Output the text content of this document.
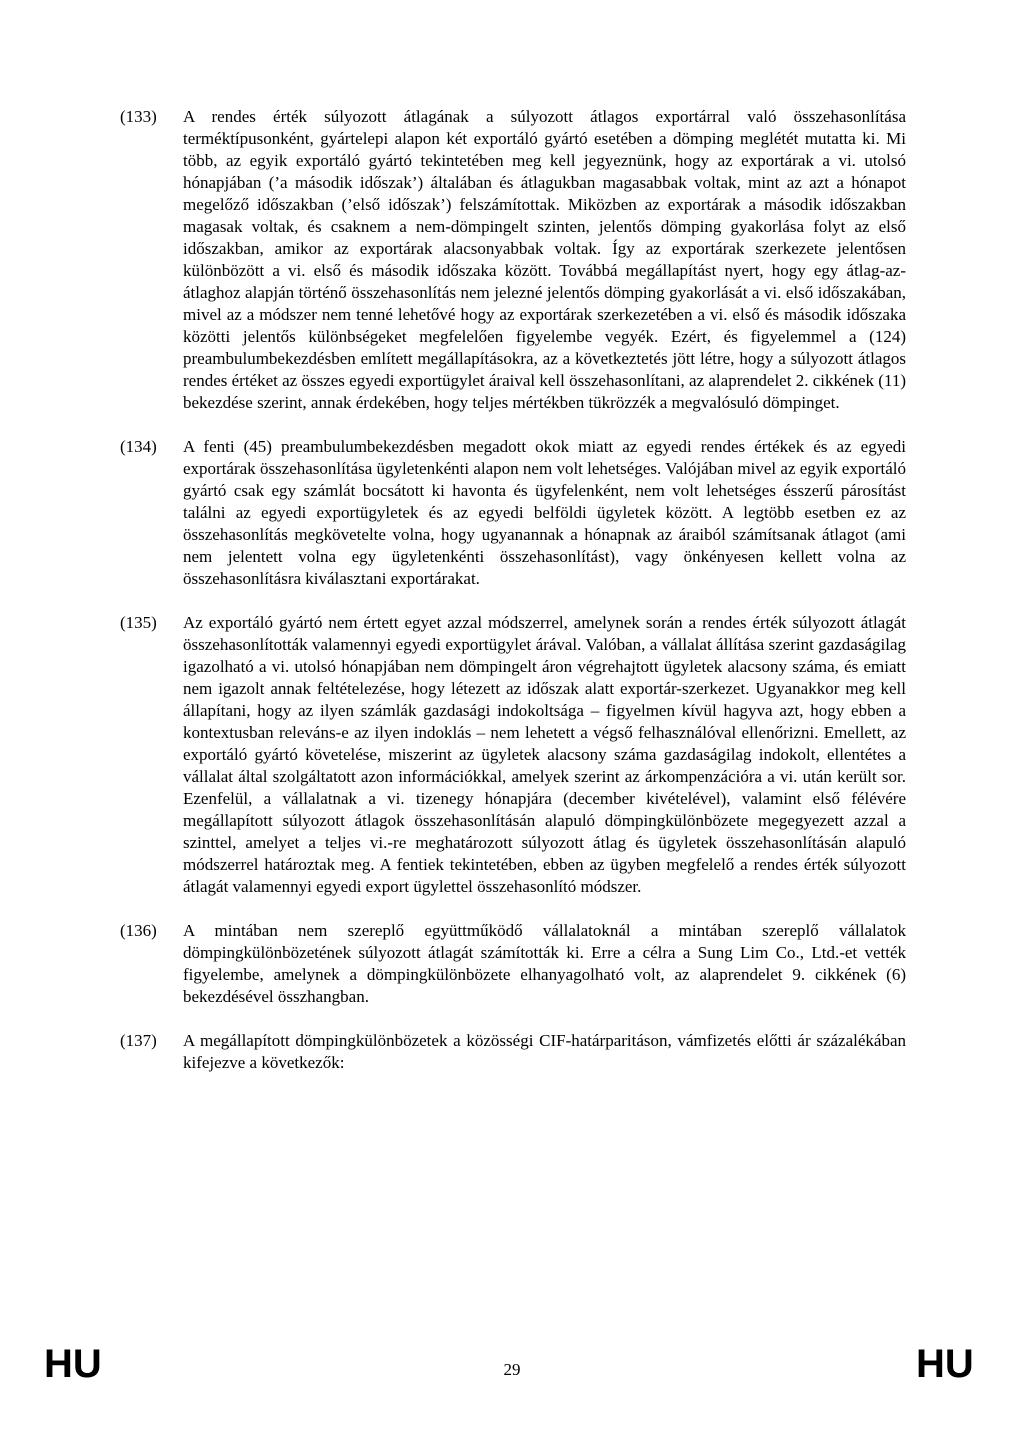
(133)	A rendes érték súlyozott átlagának a súlyozott átlagos exportárral való összehasonlítása terméktípusonként, gyártelepi alapon két exportáló gyártó esetében a dömping meglétét mutatta ki. Mi több, az egyik exportáló gyártó tekintetében meg kell jegyeznünk, hogy az exportárak a vi. utolsó hónapjában (’a második időszak’) általában és átlagukban magasabbak voltak, mint az azt a hónapot megelőző időszakban (’első időszak’) felszámítottak. Miközben az exportárak a második időszakban magasak voltak, és csaknem a nem-dömpingelt szinten, jelentős dömping gyakorlása folyt az első időszakban, amikor az exportárak alacsonyabbak voltak. Így az exportárak szerkezete jelentősen különbözött a vi. első és második időszaka között. Továbbá megállapítást nyert, hogy egy átlag-az-átlaghoz alapján történő összehasonlítás nem jelezné jelentős dömping gyakorlását a vi. első időszakában, mivel az a módszer nem tenné lehetővé hogy az exportárak szerkezetében a vi. első és második időszaka közötti jelentős különbségeket megfelelően figyelembe vegyék. Ezért, és figyelemmel a (124) preambulumbekezdésben említett megállapításokra, az a következtetés jött létre, hogy a súlyozott átlagos rendes értéket az összes egyedi exportügylet áraival kell összehasonlítani, az alaprendelet 2. cikkének (11) bekezdése szerint, annak érdekében, hogy teljes mértékben tükrözzék a megvalósuló dömpinget.
(134)	A fenti (45) preambulumbekezdésben megadott okok miatt az egyedi rendes értékek és az egyedi exportárak összehasonlítása ügyletenkénti alapon nem volt lehetséges. Valójában mivel az egyik exportáló gyártó csak egy számlát bocsátott ki havonta és ügyfelenként, nem volt lehetséges ésszerű párosítást találni az egyedi exportügyletek és az egyedi belföldi ügyletek között. A legtöbb esetben ez az összehasonlítás megkövetelte volna, hogy ugyanannak a hónapnak az áraiból számítsanak átlagot (ami nem jelentett volna egy ügyletenkénti összehasonlítást), vagy önkényesen kellett volna az összehasonlításra kiválasztani exportárakat.
(135)	Az exportáló gyártó nem értett egyet azzal módszerrel, amelynek során a rendes érték súlyozott átlagát összehasonlították valamennyi egyedi exportügylet árával. Valóban, a vállalat állítása szerint gazdaságilag igazolható a vi. utolsó hónapjában nem dömpingelt áron végrehajtott ügyletek alacsony száma, és emiatt nem igazolt annak feltételezése, hogy létezett az időszak alatt exportár-szerkezet. Ugyanakkor meg kell állapítani, hogy az ilyen számlák gazdasági indokoltsága – figyelmen kívül hagyva azt, hogy ebben a kontextusban releváns-e az ilyen indoklás – nem lehetett a végső felhasználóval ellenőrizni. Emellett, az exportáló gyártó követelése, miszerint az ügyletek alacsony száma gazdaságilag indokolt, ellentétes a vállalat által szolgáltatott azon információkkal, amelyek szerint az árkompenzációra a vi. után került sor. Ezenfelül, a vállalatnak a vi. tizenegy hónapjára (december kivételével), valamint első félévére megállapított súlyozott átlagok összehasonlításán alapuló dömpingkülönbözete megegyezett azzal a szinttel, amelyet a teljes vi.-re meghatározott súlyozott átlag és ügyletek összehasonlításán alapuló módszerrel határoztak meg. A fentiek tekintetében, ebben az ügyben megfelelő a rendes érték súlyozott átlagát valamennyi egyedi export ügylettel összehasonlító módszer.
(136)	A mintában nem szereplő együttműködő vállalatoknál a mintában szereplő vállalatok dömpingkülönbözetének súlyozott átlagát számították ki. Erre a célra a Sung Lim Co., Ltd.-et vették figyelembe, amelynek a dömpingkülönbözete elhanyagolható volt, az alaprendelet 9. cikkének (6) bekezdésével összhangban.
(137)	A megállapított dömpingkülönbözetek a közösségi CIF-határparitáson, vámfizetés előtti ár százalékában kifejezve a következők:
HU	29	HU
